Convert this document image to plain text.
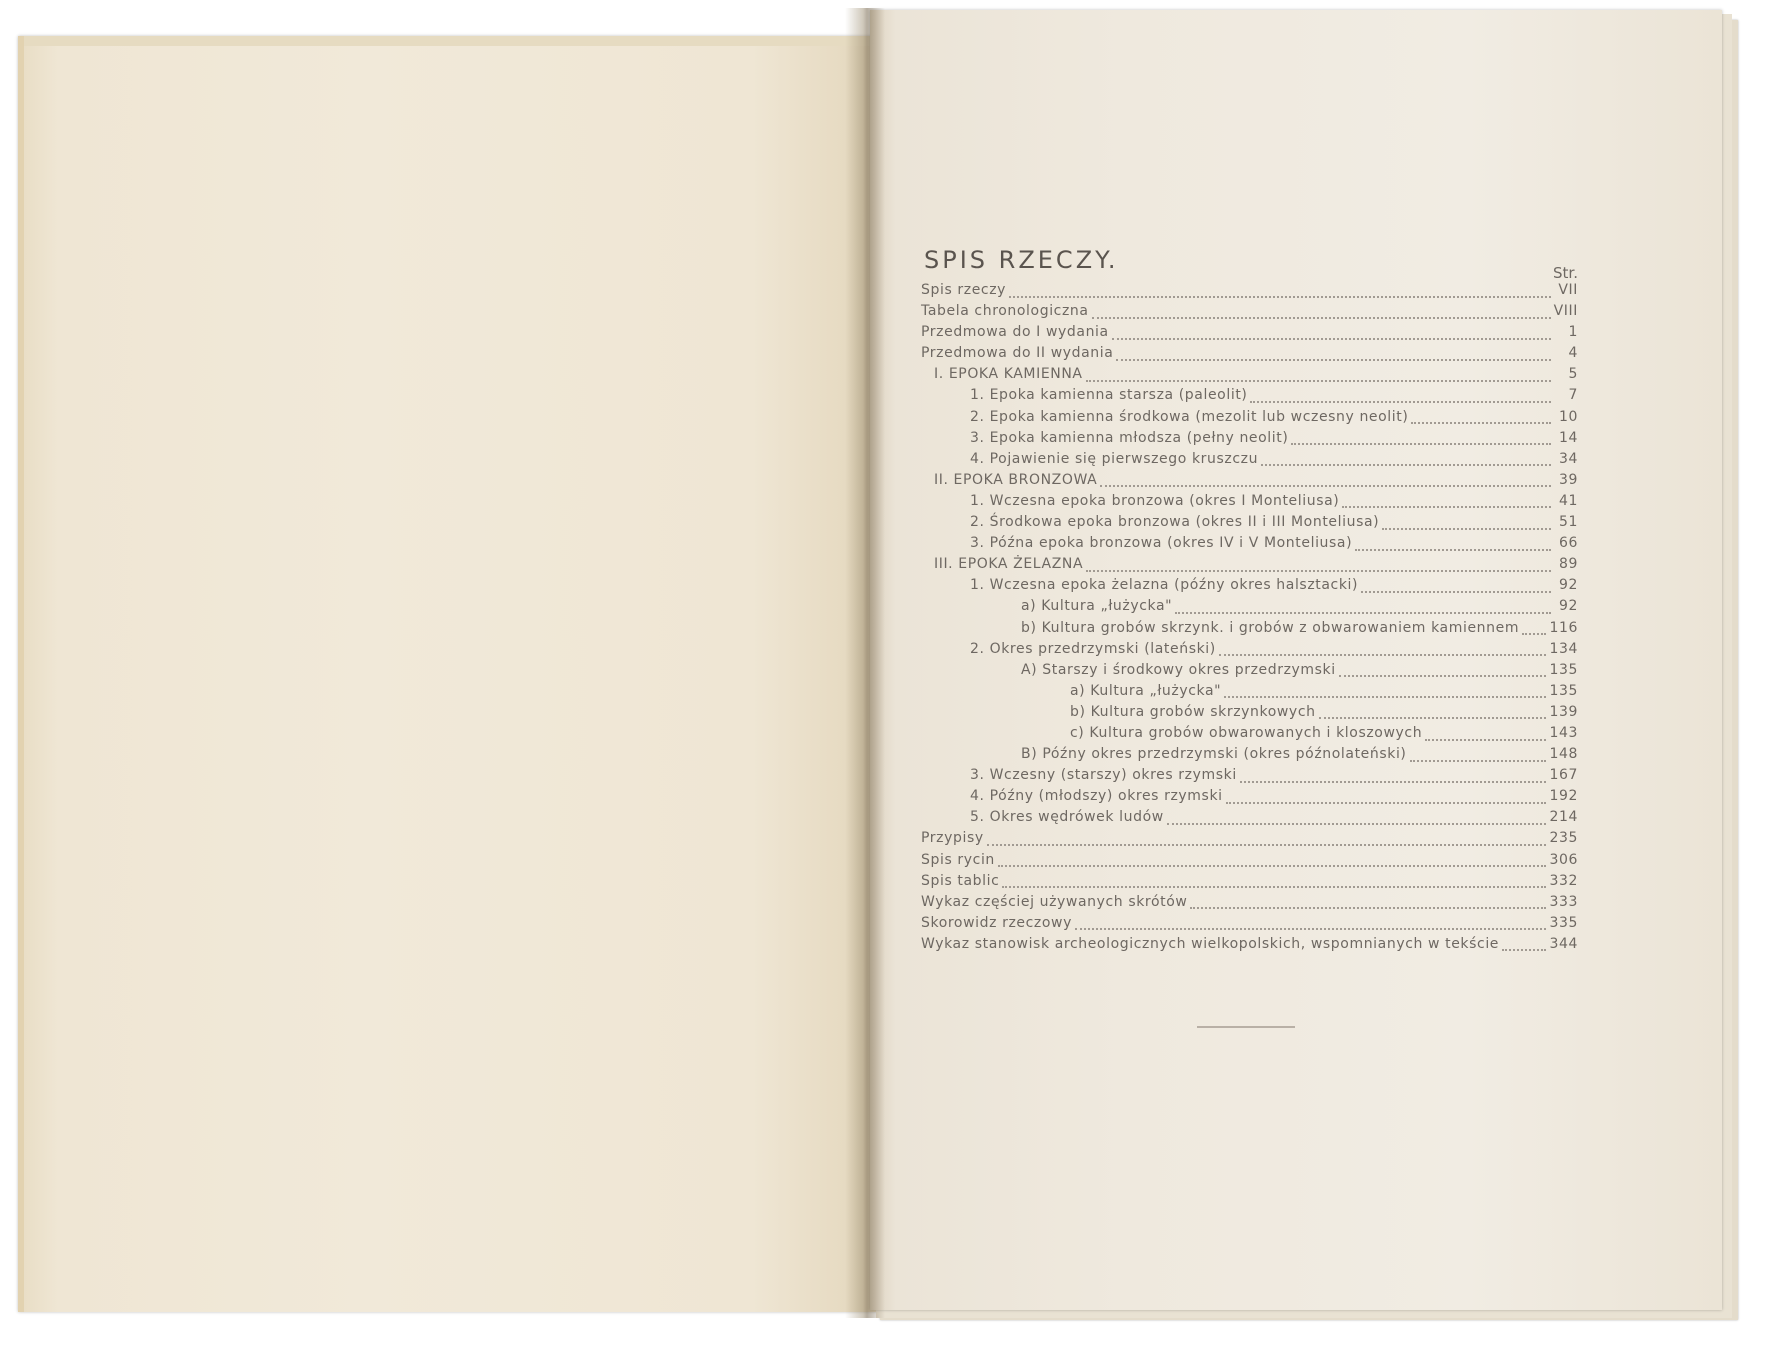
SPIS RZECZY.	Str.
Spis rzeczy	VII
Tabela chronologiczna	VIII
Przedmowa do I wydania	1
Przedmowa do II wydania	4
I. EPOKA KAMIENNA	5
1. Epoka kamienna starsza (paleolit)	7
2. Epoka kamienna środkowa (mezolit lub wczesny neolit)	10
3. Epoka kamienna młodsza (pełny neolit)	14
4. Pojawienie się pierwszego kruszczu	34
II. EPOKA BRONZOWA	39
1. Wczesna epoka bronzowa (okres I Monteliusa)	41
2. Środkowa epoka bronzowa (okres II i III Monteliusa)	51
3. Późna epoka bronzowa (okres IV i V Monteliusa)	66
III. EPOKA ŻELAZNA	89
1. Wczesna epoka żelazna (późny okres halsztacki)	92
a) Kultura „łużycka"	92
b) Kultura grobów skrzynk. i grobów z obwarowaniem kamiennem 116
2. Okres przedrzymski (lateński)	134
A) Starszy i środkowy okres przedrzymski	135
a) Kultura „łużycka"	135
b) Kultura grobów skrzynkowych	139
c) Kultura grobów obwarowanych i kloszowych	143
B) Późny okres przedrzymski (okres późnolateński)	148
3. Wczesny (starszy) okres rzymski	167
4. Późny (młodszy) okres rzymski	192
5. Okres wędrówek ludów	214
Przypisy	235
Spis rycin	306
Spis tablic	332
Wykaz częściej używanych skrótów	333
Skorowidz rzeczowy	335
Wykaz stanowisk archeologicznych wielkopolskich, wspomnianych w tekście	344
